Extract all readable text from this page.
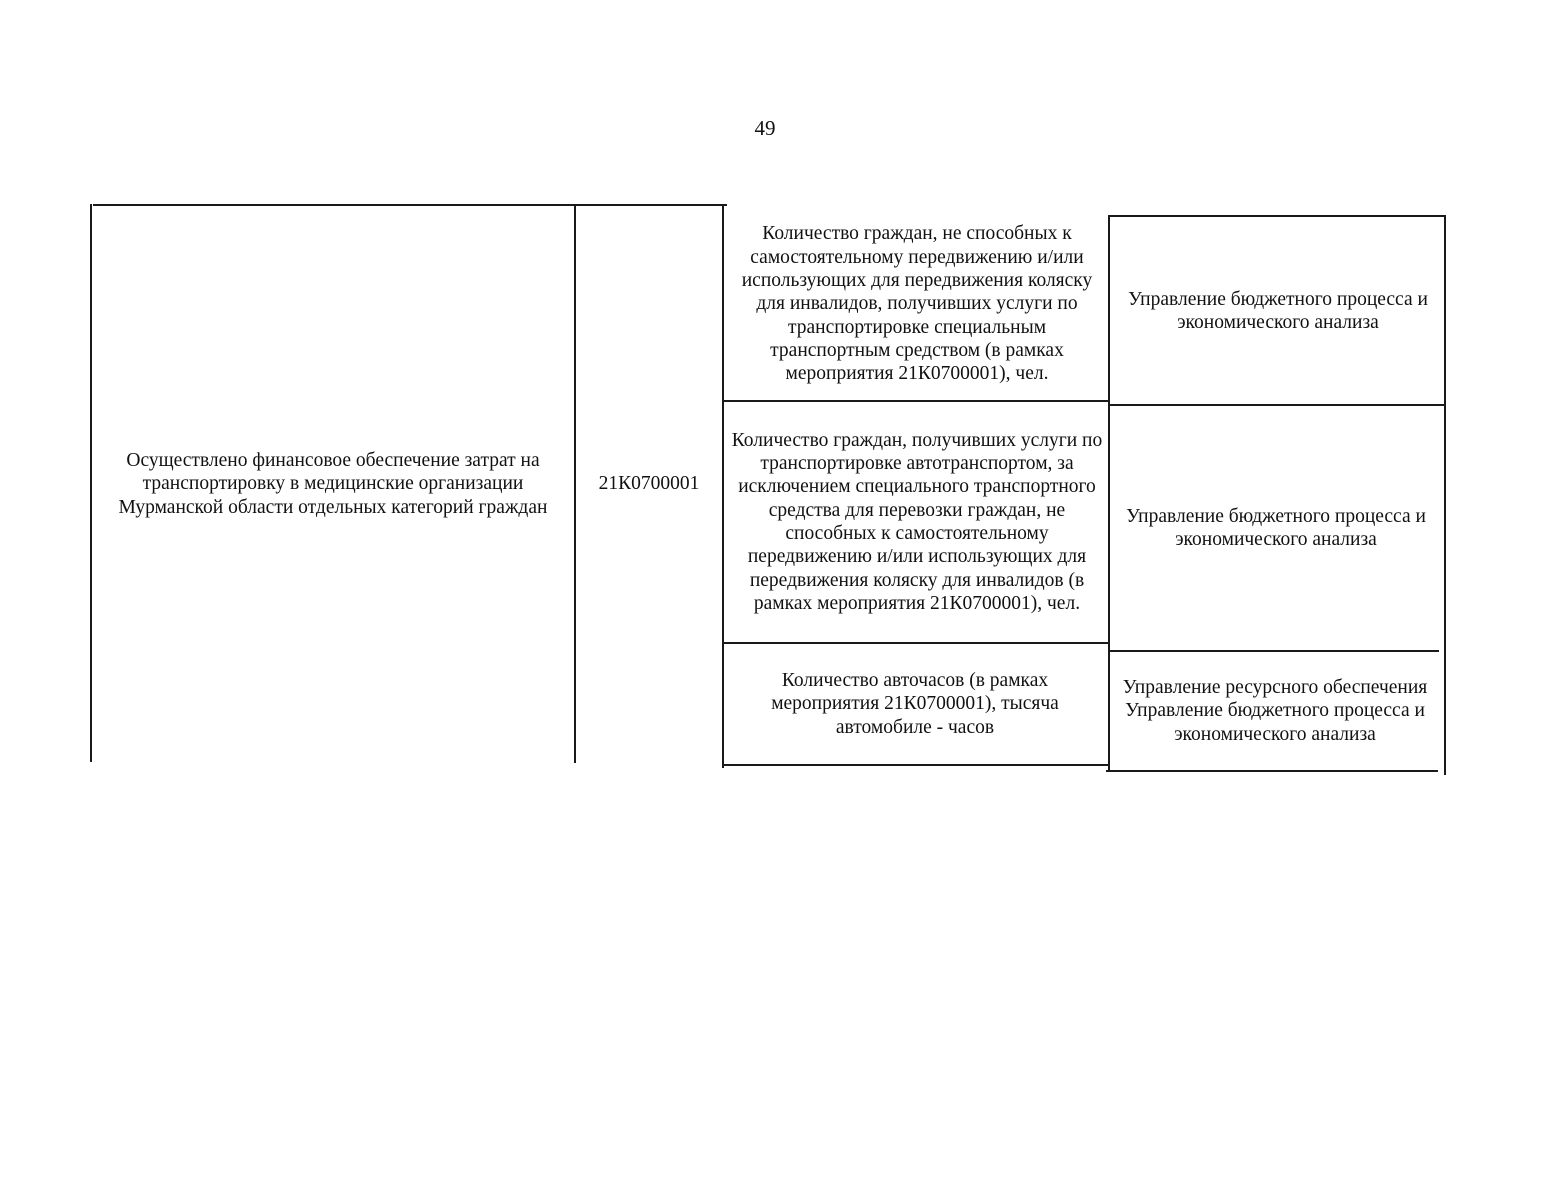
49
Осуществлено финансовое обеспечение затрат на транспортировку в медицинские организации Мурманской области отдельных категорий граждан
21К0700001
Количество граждан, не способных к самостоятельному передвижению и/или использующих для передвижения коляску для инвалидов, получивших услуги по транспортировке специальным транспортным средством (в рамках мероприятия 21К0700001), чел.
Управление бюджетного процесса и экономического анализа
Количество граждан, получивших услуги по транспортировке автотранспортом, за исключением специального транспортного средства для перевозки граждан, не способных к самостоятельному передвижению и/или использующих для передвижения коляску для инвалидов (в рамках мероприятия 21К0700001), чел.
Управление бюджетного процесса и экономического анализа
Количество авточасов (в рамках мероприятия 21К0700001), тысяча автомобиле - часов
Управление ресурсного обеспечения Управление бюджетного процесса и экономического анализа
